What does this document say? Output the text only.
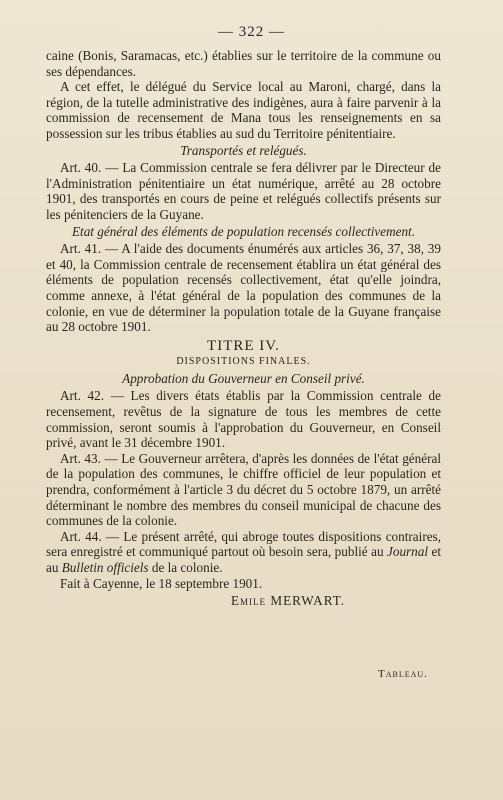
— 322 —

caine (Bonis, Saramacas, etc.) établies sur le territoire de la commune ou ses dépendances.

A cet effet, le délégué du Service local au Maroni, chargé, dans la région, de la tutelle administrative des indigènes, aura à faire parvenir à la commission de recensement de Mana tous les renseignements en sa possession sur les tribus établies au sud du Territoire pénitentiaire.

Transportés et relégués.

Art. 40. — La Commission centrale se fera délivrer par le Directeur de l'Administration pénitentiaire un état numérique, arrêté au 28 octobre 1901, des transportés en cours de peine et relégués collectifs présents sur les pénitenciers de la Guyane.

Etat général des éléments de population recensés collectivement.

Art. 41. — A l'aide des documents énumérés aux articles 36, 37, 38, 39 et 40, la Commission centrale de recensement établira un état général des éléments de population recensés collectivement, état qu'elle joindra, comme annexe, à l'état général de la population des communes de la colonie, en vue de déterminer la population totale de la Guyane française au 28 octobre 1901.

TITRE IV.

DISPOSITIONS FINALES.

Approbation du Gouverneur en Conseil privé.

Art. 42. — Les divers états établis par la Commission centrale de recensement, revêtus de la signature de tous les membres de cette commission, seront soumis à l'approbation du Gouverneur, en Conseil privé, avant le 31 décembre 1901.

Art. 43. — Le Gouverneur arrêtera, d'après les données de l'état général de la population des communes, le chiffre officiel de leur population et prendra, conformément à l'article 3 du décret du 5 octobre 1879, un arrêté déterminant le nombre des membres du conseil municipal de chacune des communes de la colonie.

Art. 44. — Le présent arrêté, qui abroge toutes dispositions contraires, sera enregistré et communiqué partout où besoin sera, publié au Journal et au Bulletin officiels de la colonie.

Fait à Cayenne, le 18 septembre 1901.

Emile MERWART.

Tableau.
